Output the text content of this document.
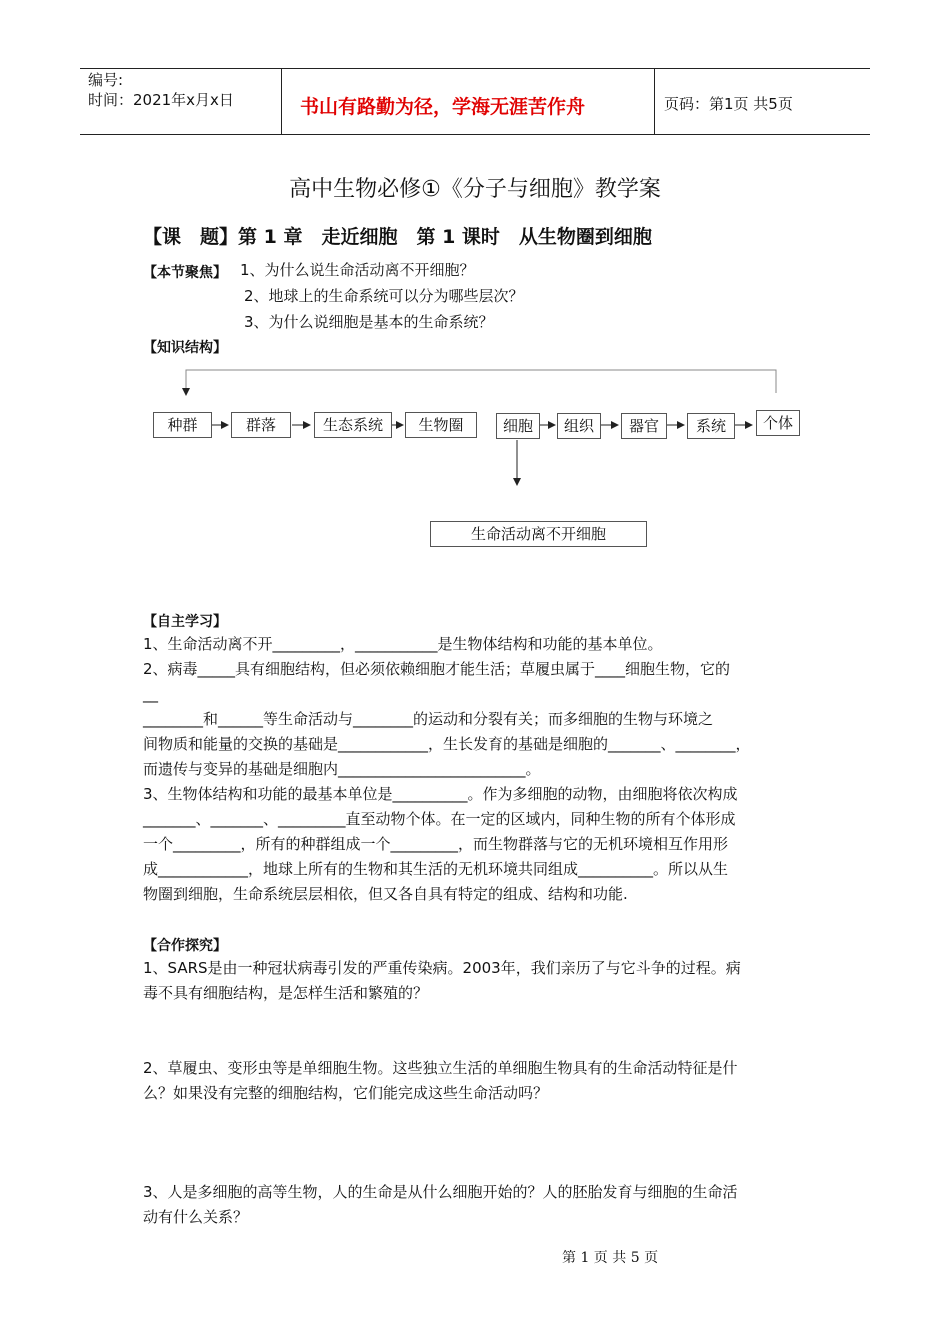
编号:
时间：2021年x月x日	书山有路勤为径，学海无涯苦作舟	页码：第1页 共5页
高中生物必修①《分子与细胞》教学案
【课　题】第 1 章　走近细胞　第 1 课时　从生物圈到细胞
【本节聚焦】 1、为什么说生命活动离不开细胞？
2、地球上的生命系统可以分为哪些层次？
3、为什么说细胞是基本的生命系统？
【知识结构】
种群	群落	生态系统	生物圈	细胞	组织	器官	系统	个体
生命活动离不开细胞
【自主学习】
1、生命活动离不开_________，___________是生物体结构和功能的基本单位。
2、病毒_____具有细胞结构，但必须依赖细胞才能生活；草履虫属于____细胞生物，它的
__
________和______等生命活动与________的运动和分裂有关；而多细胞的生物与环境之
间物质和能量的交换的基础是____________，生长发育的基础是细胞的_______、________，
而遗传与变异的基础是细胞内_________________________。
3、生物体结构和功能的最基本单位是__________。作为多细胞的动物，由细胞将依次构成
_______、_______、_________直至动物个体。在一定的区域内，同种生物的所有个体形成
一个_________，所有的种群组成一个_________，而生物群落与它的无机环境相互作用形
成____________，地球上所有的生物和其生活的无机环境共同组成__________。所以从生
物圈到细胞，生命系统层层相依，但又各自具有特定的组成、结构和功能.
【合作探究】
1、SARS是由一种冠状病毒引发的严重传染病。2003年，我们亲历了与它斗争的过程。病
毒不具有细胞结构，是怎样生活和繁殖的？
2、草履虫、变形虫等是单细胞生物。这些独立生活的单细胞生物具有的生命活动特征是什
么？如果没有完整的细胞结构，它们能完成这些生命活动吗？
3、人是多细胞的高等生物，人的生命是从什么细胞开始的？人的胚胎发育与细胞的生命活
动有什么关系？
第 1 页 共 5 页
